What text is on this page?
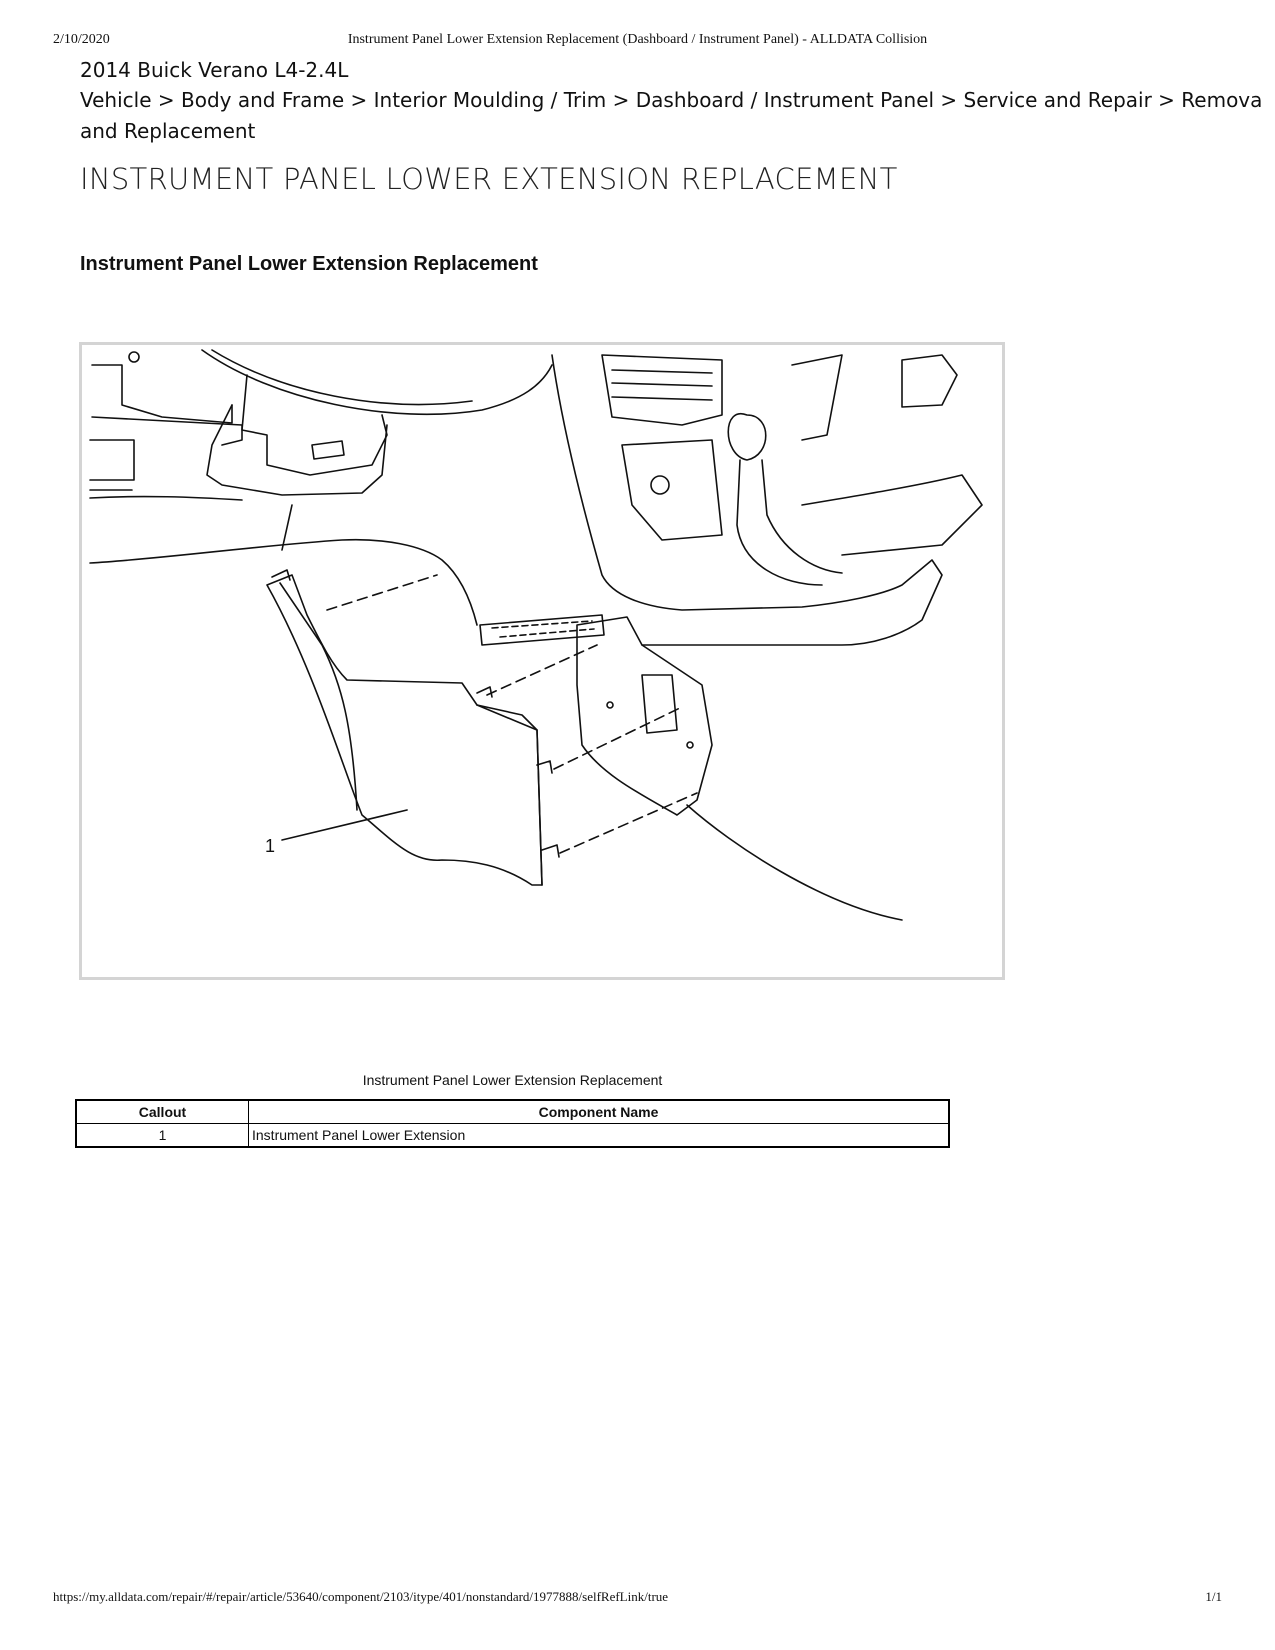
2/10/2020	Instrument Panel Lower Extension Replacement (Dashboard / Instrument Panel) - ALLDATA Collision
2014 Buick Verano L4-2.4L
Vehicle > Body and Frame > Interior Moulding / Trim > Dashboard / Instrument Panel > Service and Repair > Remova
and Replacement
INSTRUMENT PANEL LOWER EXTENSION REPLACEMENT
Instrument Panel Lower Extension Replacement
1
Instrument Panel Lower Extension Replacement
Callout	Component Name
1	Instrument Panel Lower Extension
https://my.alldata.com/repair/#/repair/article/53640/component/2103/itype/401/nonstandard/1977888/selfRefLink/true	1/1
